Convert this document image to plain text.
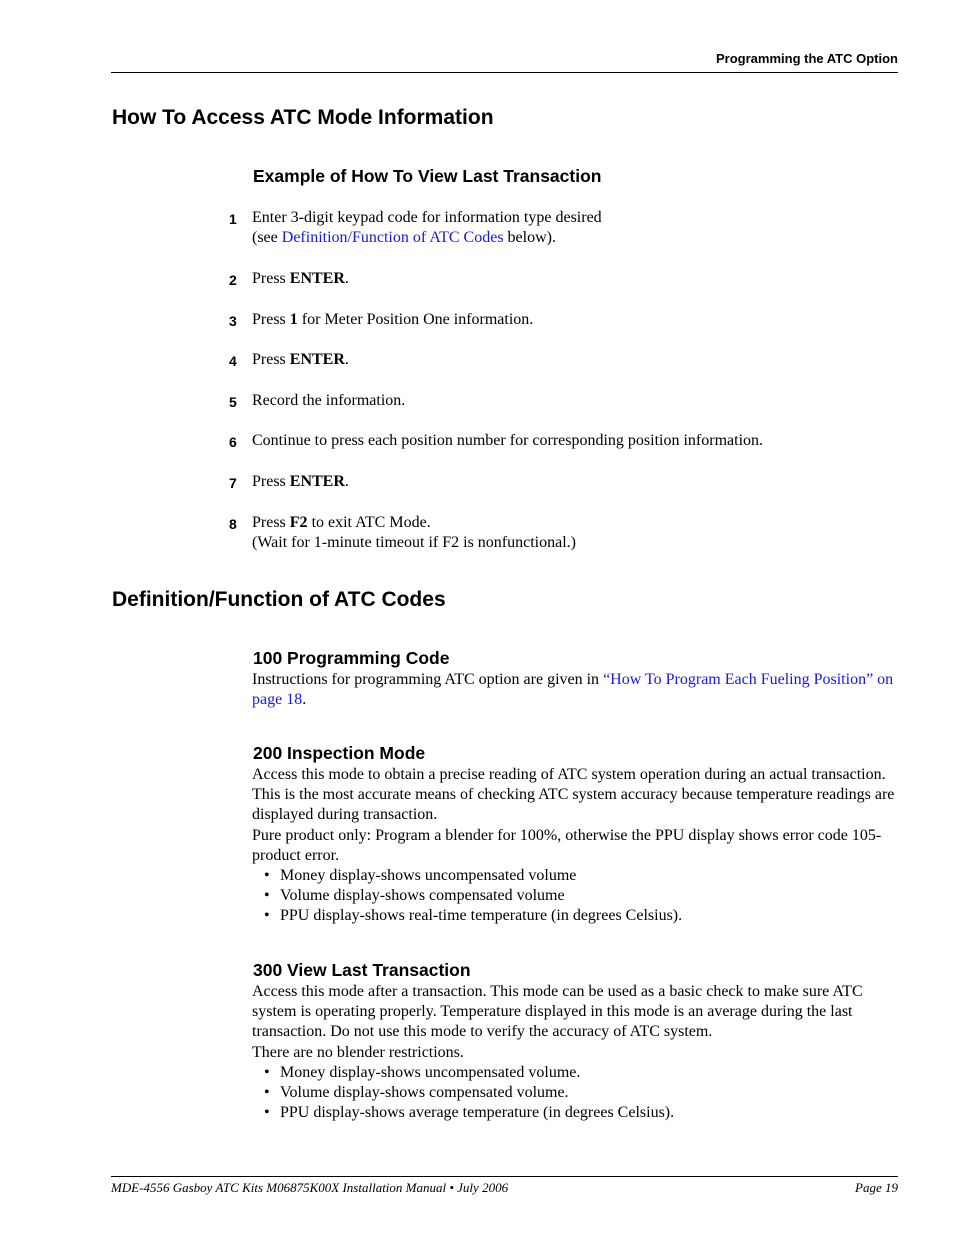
Programming the ATC Option
How To Access ATC Mode Information
Example of How To View Last Transaction
1 Enter 3-digit keypad code for information type desired
(see Definition/Function of ATC Codes below).
2 Press ENTER.
3 Press 1 for Meter Position One information.
4 Press ENTER.
5 Record the information.
6 Continue to press each position number for corresponding position information.
7 Press ENTER.
8 Press F2 to exit ATC Mode.
(Wait for 1-minute timeout if F2 is nonfunctional.)
Definition/Function of ATC Codes
100 Programming Code
Instructions for programming ATC option are given in “How To Program Each Fueling Position” on page 18.
200 Inspection Mode
Access this mode to obtain a precise reading of ATC system operation during an actual transaction. This is the most accurate means of checking ATC system accuracy because temperature readings are displayed during transaction.
Pure product only: Program a blender for 100%, otherwise the PPU display shows error code 105-product error.
• Money display-shows uncompensated volume
• Volume display-shows compensated volume
• PPU display-shows real-time temperature (in degrees Celsius).
300 View Last Transaction
Access this mode after a transaction. This mode can be used as a basic check to make sure ATC system is operating properly. Temperature displayed in this mode is an average during the last transaction. Do not use this mode to verify the accuracy of ATC system.
There are no blender restrictions.
• Money display-shows uncompensated volume.
• Volume display-shows compensated volume.
• PPU display-shows average temperature (in degrees Celsius).
MDE-4556 Gasboy ATC Kits M06875K00X Installation Manual • July 2006	Page 19
